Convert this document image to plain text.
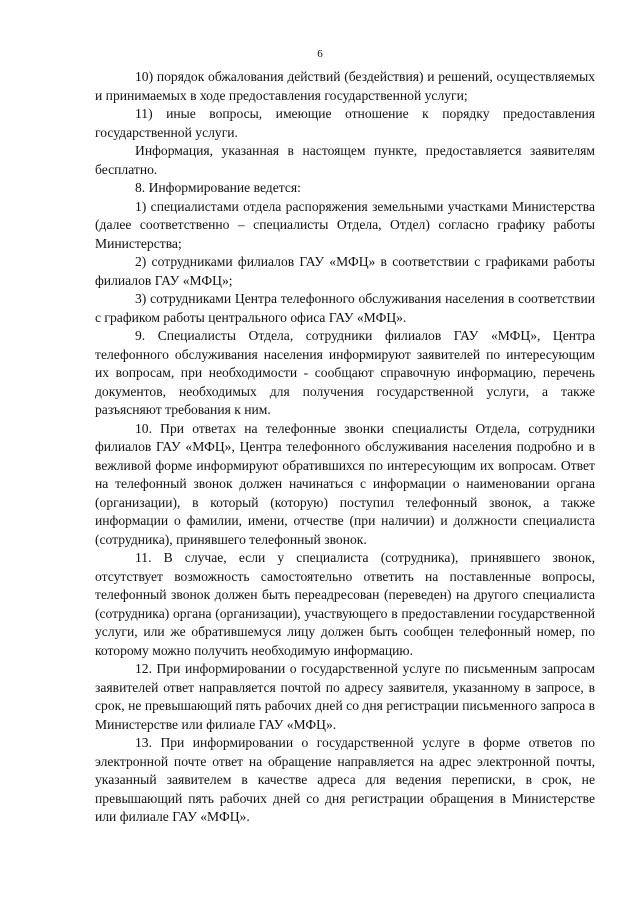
6

10) порядок обжалования действий (бездействия) и решений, осуществляемых и принимаемых в ходе предоставления государственной услуги;

11) иные вопросы, имеющие отношение к порядку предоставления государственной услуги.

Информация, указанная в настоящем пункте, предоставляется заявителям бесплатно.

8. Информирование ведется:

1) специалистами отдела распоряжения земельными участками Министерства (далее соответственно – специалисты Отдела, Отдел) согласно графику работы Министерства;

2) сотрудниками филиалов ГАУ «МФЦ» в соответствии с графиками работы филиалов ГАУ «МФЦ»;

3) сотрудниками Центра телефонного обслуживания населения в соответствии с графиком работы центрального офиса ГАУ «МФЦ».

9. Специалисты Отдела, сотрудники филиалов ГАУ «МФЦ», Центра телефонного обслуживания населения информируют заявителей по интересующим их вопросам, при необходимости - сообщают справочную информацию, перечень документов, необходимых для получения государственной услуги, а также разъясняют требования к ним.

10. При ответах на телефонные звонки специалисты Отдела, сотрудники филиалов ГАУ «МФЦ», Центра телефонного обслуживания населения подробно и в вежливой форме информируют обратившихся по интересующим их вопросам. Ответ на телефонный звонок должен начинаться с информации о наименовании органа (организации), в который (которую) поступил телефонный звонок, а также информации о фамилии, имени, отчестве (при наличии) и должности специалиста (сотрудника), принявшего телефонный звонок.

11. В случае, если у специалиста (сотрудника), принявшего звонок, отсутствует возможность самостоятельно ответить на поставленные вопросы, телефонный звонок должен быть переадресован (переведен) на другого специалиста (сотрудника) органа (организации), участвующего в предоставлении государственной услуги, или же обратившемуся лицу должен быть сообщен телефонный номер, по которому можно получить необходимую информацию.

12. При информировании о государственной услуге по письменным запросам заявителей ответ направляется почтой по адресу заявителя, указанному в запросе, в срок, не превышающий пять рабочих дней со дня регистрации письменного запроса в Министерстве или филиале ГАУ «МФЦ».

13. При информировании о государственной услуге в форме ответов по электронной почте ответ на обращение направляется на адрес электронной почты, указанный заявителем в качестве адреса для ведения переписки, в срок, не превышающий пять рабочих дней со дня регистрации обращения в Министерстве или филиале ГАУ «МФЦ».
